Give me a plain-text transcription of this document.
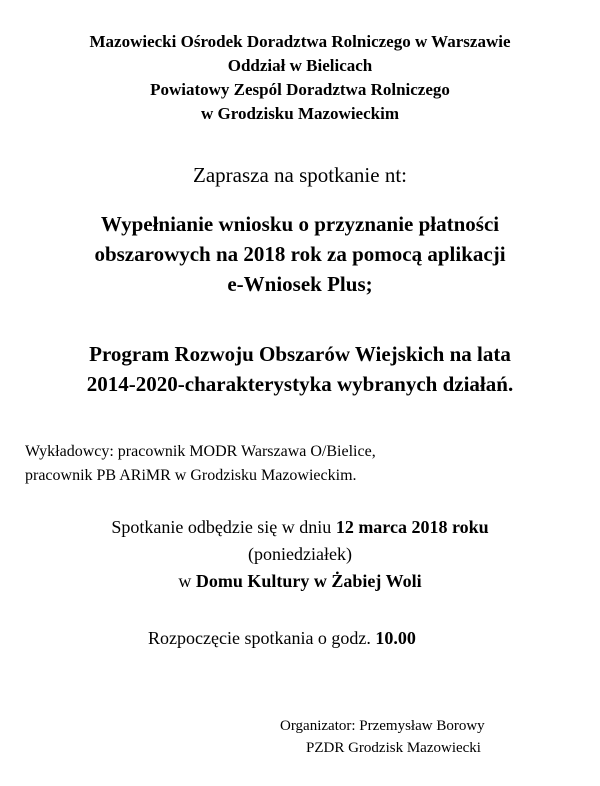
Mazowiecki Ośrodek Doradztwa Rolniczego w Warszawie
Oddział w Bielicach
Powiatowy Zespól Doradztwa Rolniczego
w Grodzisku Mazowieckim
Zaprasza na spotkanie nt:
Wypełnianie wniosku o przyznanie płatności
obszarowych na 2018 rok za pomocą aplikacji
e-Wniosek Plus;
Program Rozwoju Obszarów Wiejskich na lata
2014-2020-charakterystyka wybranych działań.
Wykładowcy: pracownik MODR Warszawa O/Bielice,
pracownik PB ARiMR w Grodzisku Mazowieckim.
Spotkanie odbędzie się w dniu 12 marca 2018 roku
(poniedziałek)
w Domu Kultury w Żabiej Woli
Rozpoczęcie spotkania o godz. 10.00
Organizator: Przemysław Borowy
PZDR Grodzisk Mazowiecki
